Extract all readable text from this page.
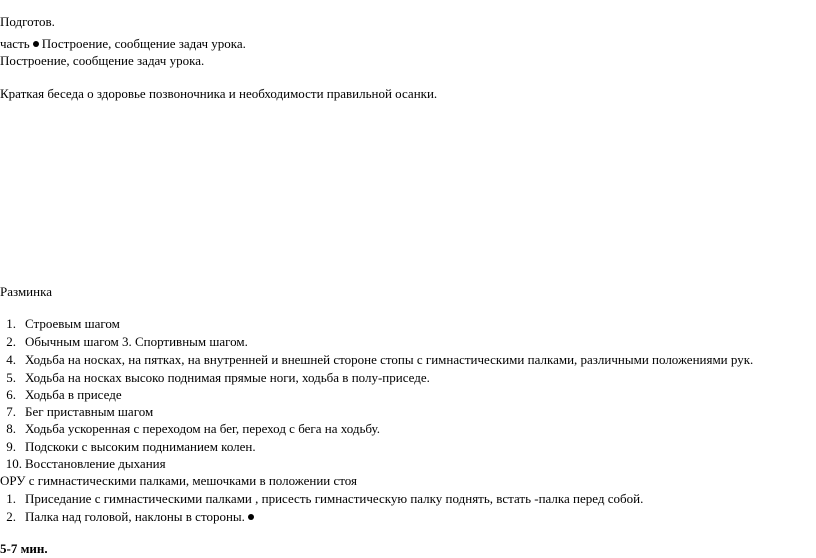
Подготов.
часть Построение, сообщение задач урока.
Построение, сообщение задач урока.
Краткая беседа о здоровье позвоночника и необходимости правильной осанки.
Разминка
1. Строевым шагом
2. Обычным шагом 3. Спортивным шагом.
4. Ходьба на носках, на пятках, на внутренней и внешней стороне стопы с гимнастическими палками, различными положениями рук.
5. Ходьба на носках высоко поднимая прямые ноги, ходьба в полу-приседе.
6. Ходьба в приседе
7. Бег приставным шагом
8. Ходьба ускоренная с переходом на бег, переход с бега на ходьбу.
9. Подскоки с высоким подниманием колен.
10. Восстановление дыхания
ОРУ с гимнастическими палками, мешочками в положении стоя
1. Приседание с гимнастическими палками , присесть гимнастическую палку поднять, встать -палка перед собой.
2. Палка над головой, наклоны в стороны.
5-7 мин.
